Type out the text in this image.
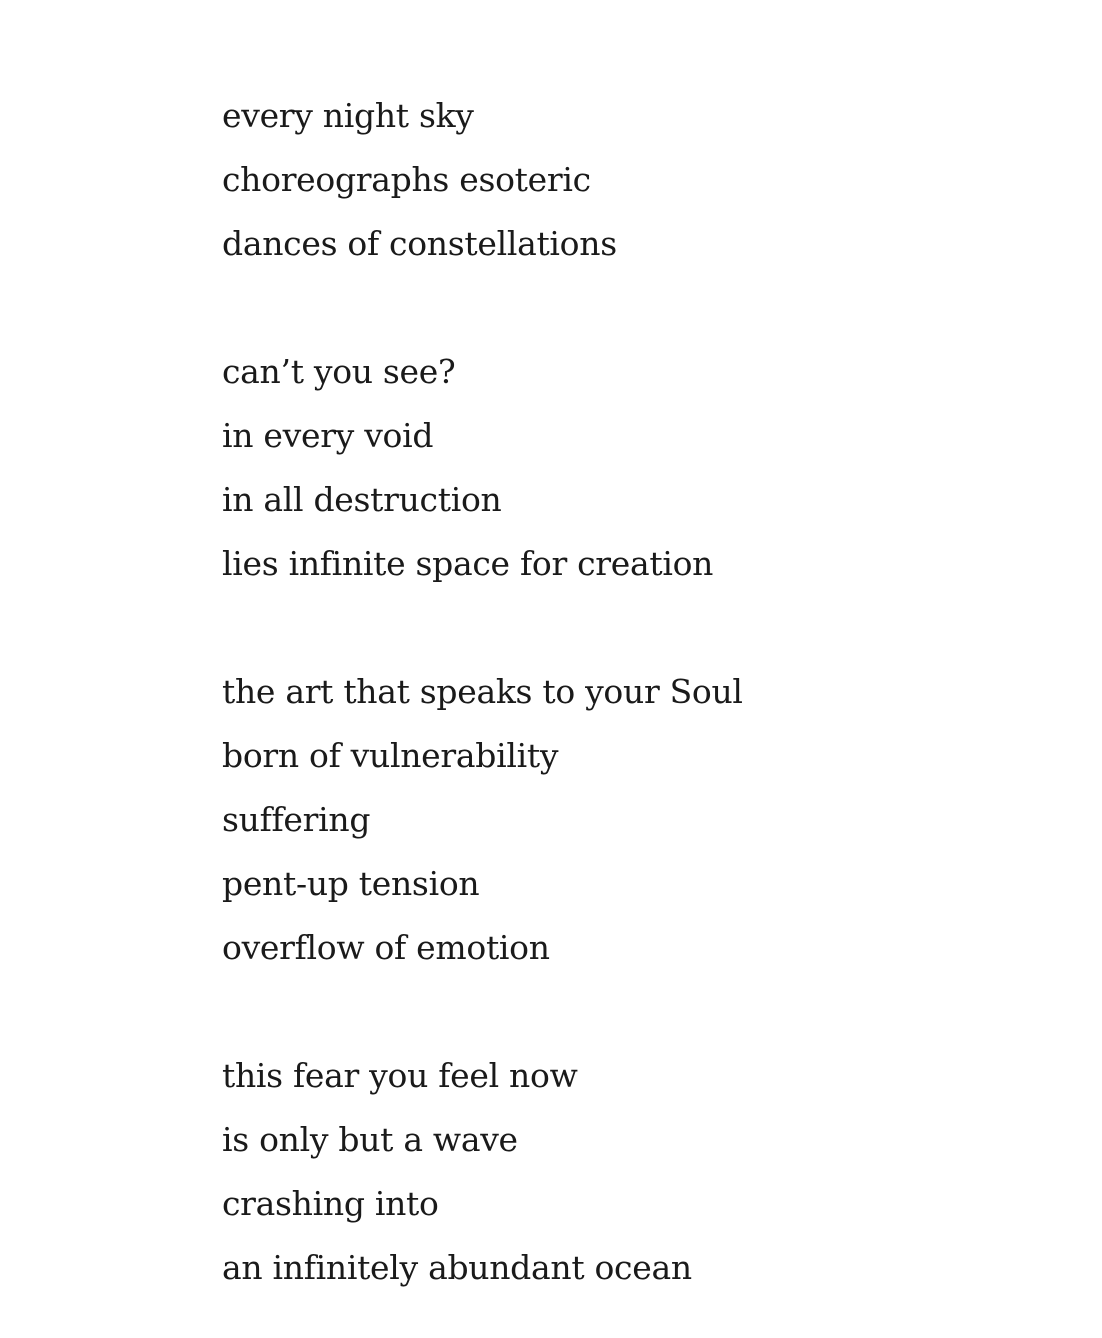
every night sky
choreographs esoteric
dances of constellations
can’t you see?
in every void
in all destruction
lies infinite space for creation
the art that speaks to your Soul
born of vulnerability
suffering
pent-up tension
overflow of emotion
this fear you feel now
is only but a wave
crashing into
an infinitely abundant ocean
